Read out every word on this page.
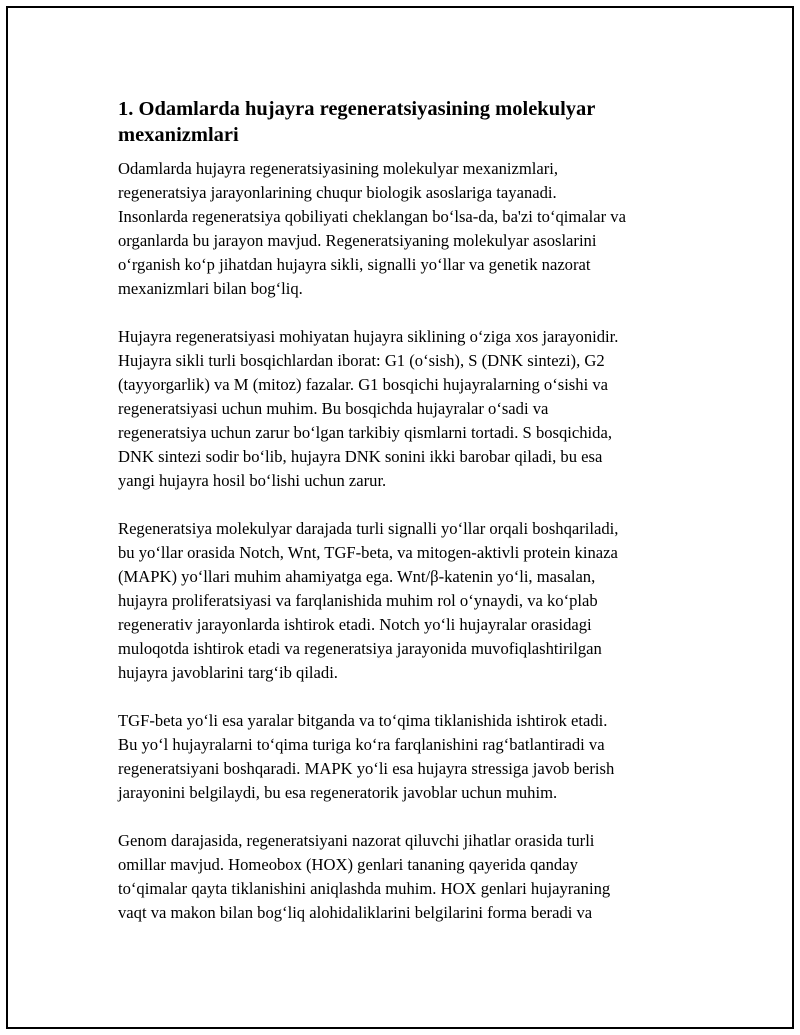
1. Odamlarda hujayra regeneratsiyasining molekulyar
mexanizmlari

Odamlarda hujayra regeneratsiyasining molekulyar mexanizmlari,
regeneratsiya jarayonlarining chuqur biologik asoslariga tayanadi.
Insonlarda regeneratsiya qobiliyati cheklangan bo‘lsa-da, ba'zi to‘qimalar va
organlarda bu jarayon mavjud. Regeneratsiyaning molekulyar asoslarini
o‘rganish ko‘p jihatdan hujayra sikli, signalli yo‘llar va genetik nazorat
mexanizmlari bilan bog‘liq.

Hujayra regeneratsiyasi mohiyatan hujayra siklining o‘ziga xos jarayonidir.
Hujayra sikli turli bosqichlardan iborat: G1 (o‘sish), S (DNK sintezi), G2
(tayyorgarlik) va M (mitoz) fazalar. G1 bosqichi hujayralarning o‘sishi va
regeneratsiyasi uchun muhim. Bu bosqichda hujayralar o‘sadi va
regeneratsiya uchun zarur bo‘lgan tarkibiy qismlarni tortadi. S bosqichida,
DNK sintezi sodir bo‘lib, hujayra DNK sonini ikki barobar qiladi, bu esa
yangi hujayra hosil bo‘lishi uchun zarur.

Regeneratsiya molekulyar darajada turli signalli yo‘llar orqali boshqariladi,
bu yo‘llar orasida Notch, Wnt, TGF-beta, va mitogen-aktivli protein kinaza
(MAPK) yo‘llari muhim ahamiyatga ega. Wnt/β-katenin yo‘li, masalan,
hujayra proliferatsiyasi va farqlanishida muhim rol o‘ynaydi, va ko‘plab
regenerativ jarayonlarda ishtirok etadi. Notch yo‘li hujayralar orasidagi
muloqotda ishtirok etadi va regeneratsiya jarayonida muvofiqlashtirilgan
hujayra javoblarini targ‘ib qiladi.

TGF-beta yo‘li esa yaralar bitganda va to‘qima tiklanishida ishtirok etadi.
Bu yo‘l hujayralarni to‘qima turiga ko‘ra farqlanishini rag‘batlantiradi va
regeneratsiyani boshqaradi. MAPK yo‘li esa hujayra stressiga javob berish
jarayonini belgilaydi, bu esa regeneratorik javoblar uchun muhim.

Genom darajasida, regeneratsiyani nazorat qiluvchi jihatlar orasida turli
omillar mavjud. Homeobox (HOX) genlari tananing qayerida qanday
to‘qimalar qayta tiklanishini aniqlashda muhim. HOX genlari hujayraning
vaqt va makon bilan bog‘liq alohidaliklarini belgilarini forma beradi va
